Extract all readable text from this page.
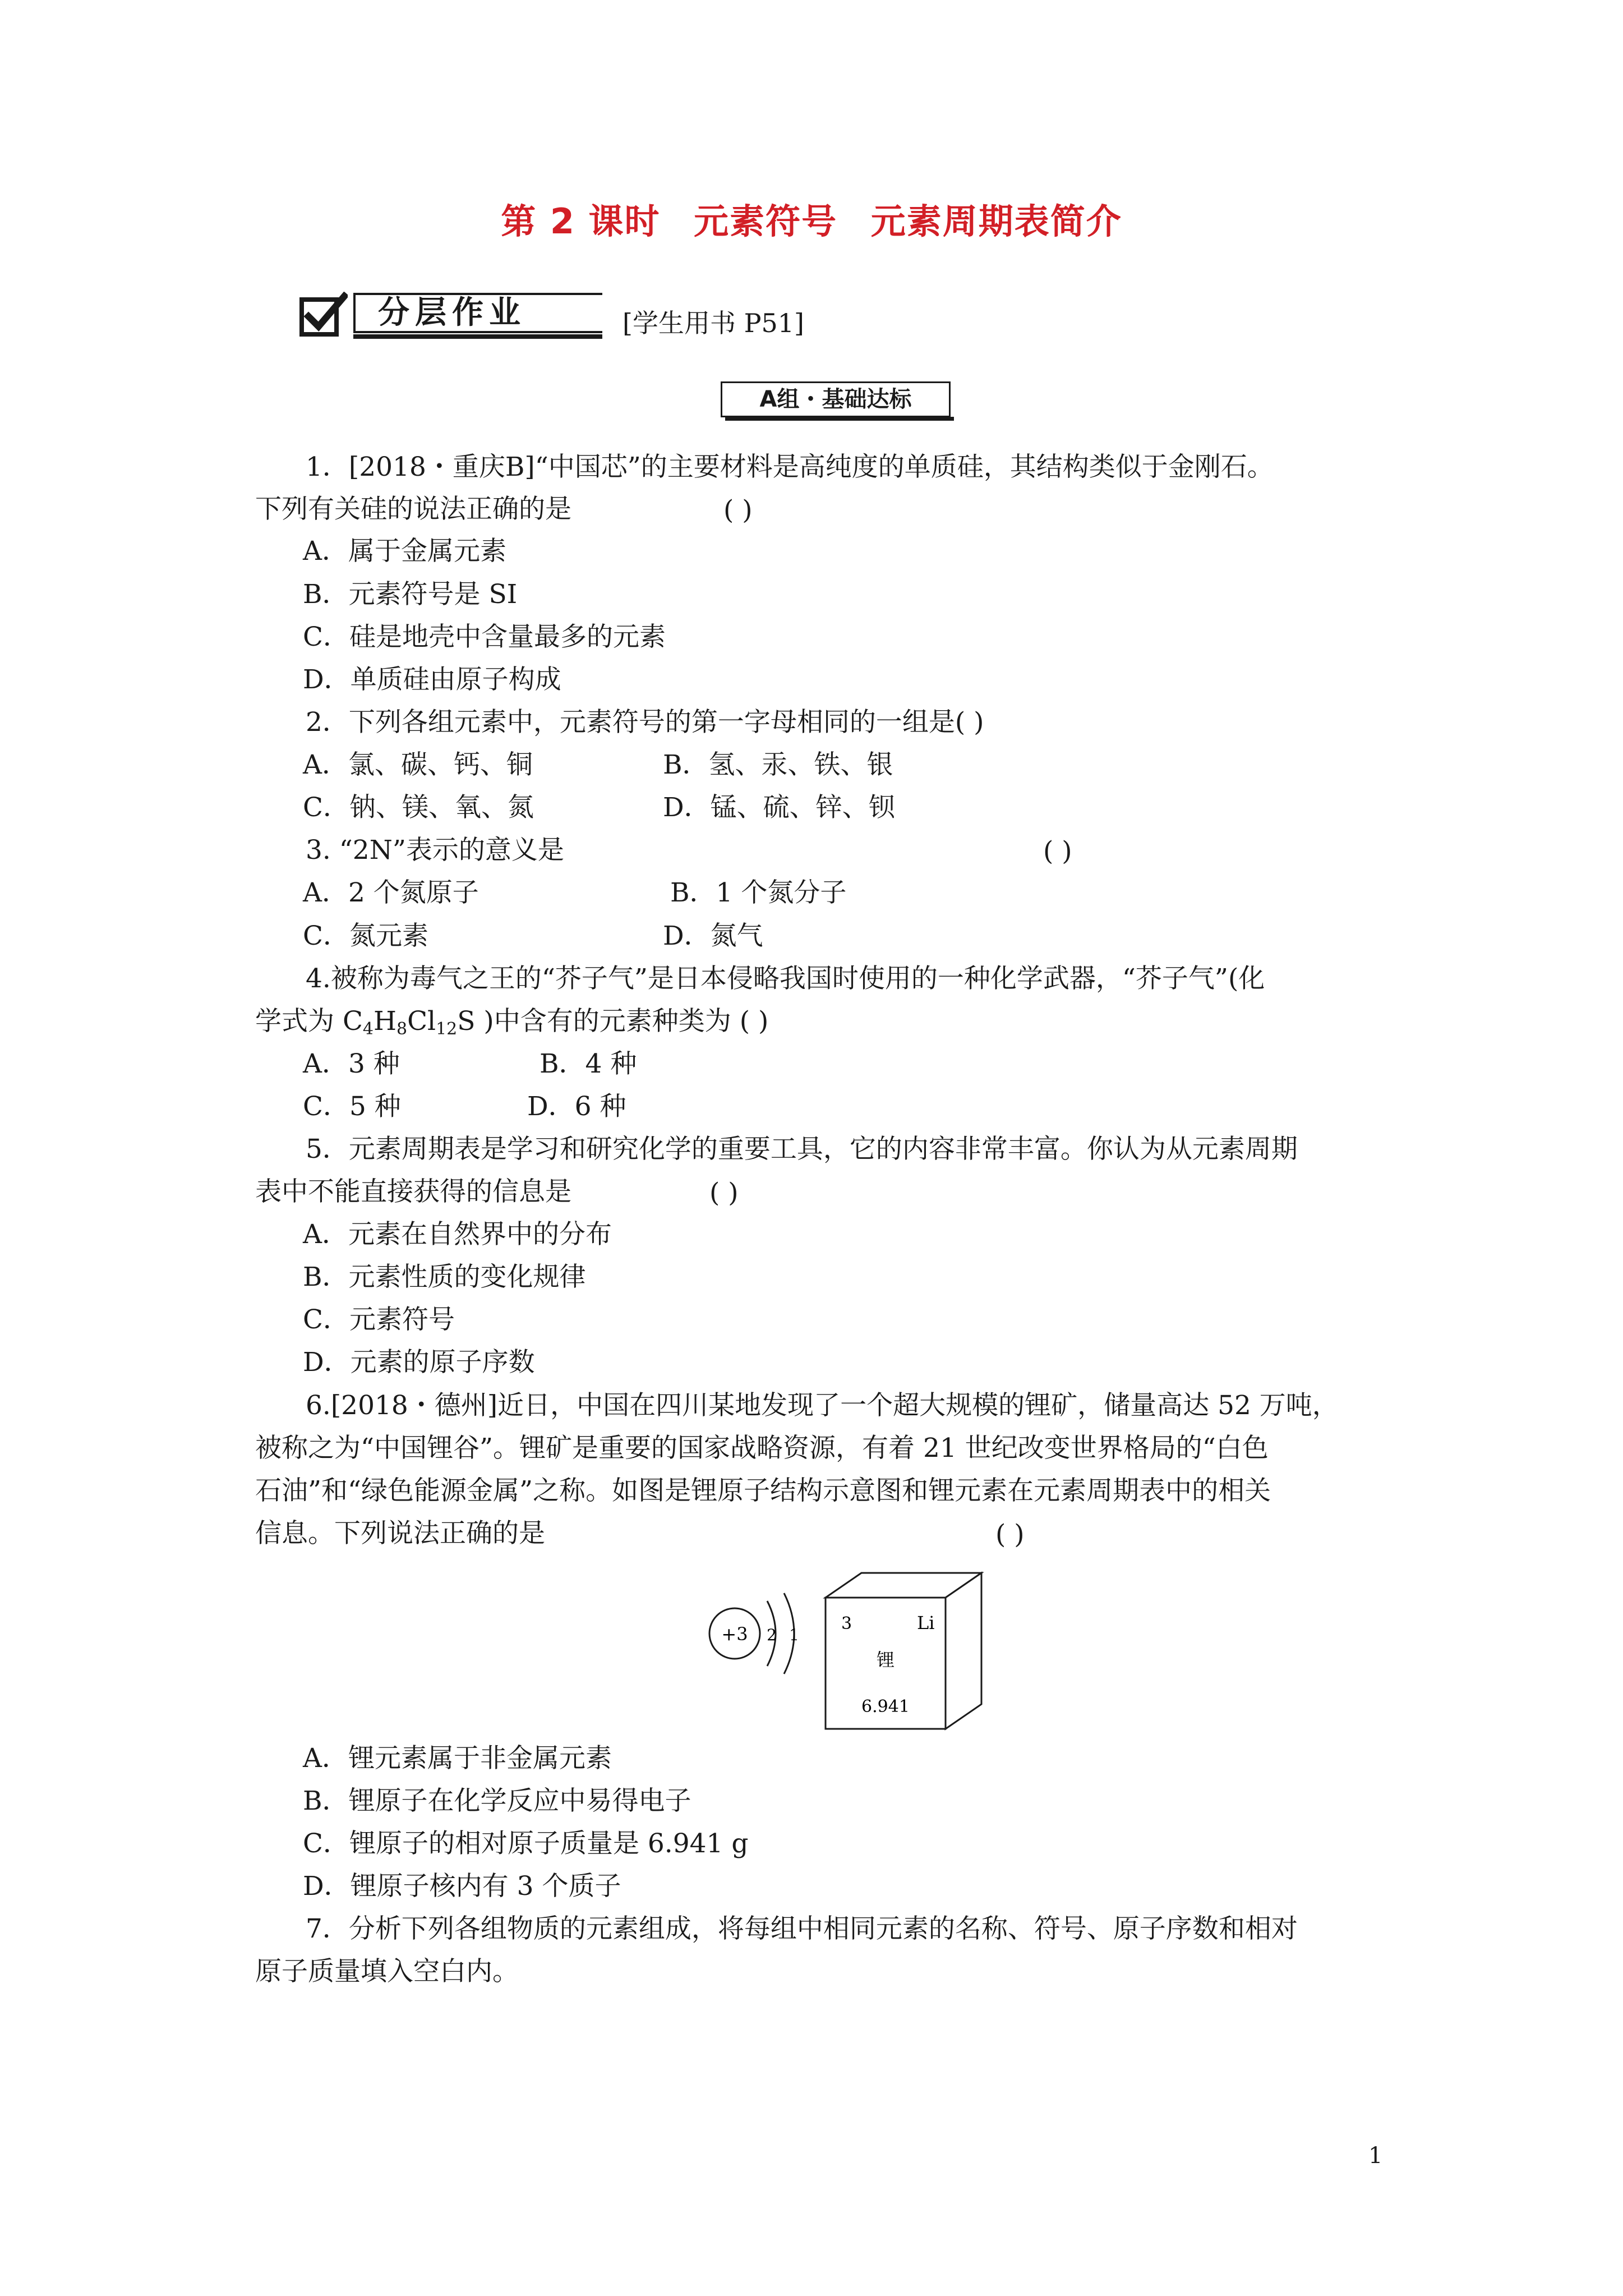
第 2 课时 元素符号 元素周期表简介
分层作业	[学生用书 P51]
A组・基础达标
1．[2018・重庆B]“中国芯”的主要材料是高纯度的单质硅，其结构类似于金刚石。
下列有关硅的说法正确的是	( )
A．属于金属元素
B．元素符号是 SI
C．硅是地壳中含量最多的元素
D．单质硅由原子构成
2．下列各组元素中，元素符号的第一字母相同的一组是( )
A．氯、碳、钙、铜	B．氢、汞、铁、银
C．钠、镁、氧、氮	D．锰、硫、锌、钡
3. “2N”表示的意义是	( )
A．2 个氮原子	B．1 个氮分子
C．氮元素	D．氮气
4.被称为毒气之王的“芥子气”是日本侵略我国时使用的一种化学武器，“芥子气”(化
学式为 $C_4H_8Cl_{12}S$ )中含有的元素种类为 ( )
A．3 种	B．4 种
C．5 种	D．6 种
5．元素周期表是学习和研究化学的重要工具，它的内容非常丰富。你认为从元素周期
表中不能直接获得的信息是	( )
A．元素在自然界中的分布
B．元素性质的变化规律
C．元素符号
D．元素的原子序数
6.[2018・德州]近日，中国在四川某地发现了一个超大规模的锂矿，储量高达 52 万吨，
被称之为“中国锂谷”。锂矿是重要的国家战略资源，有着 21 世纪改变世界格局的“白色
石油”和“绿色能源金属”之称。如图是锂原子结构示意图和锂元素在元素周期表中的相关
信息。下列说法正确的是	( )
+3 2 1
3	Li
锂
6.941
A．锂元素属于非金属元素
B．锂原子在化学反应中易得电子
C．锂原子的相对原子质量是 6.941 g
D．锂原子核内有 3 个质子
7．分析下列各组物质的元素组成，将每组中相同元素的名称、符号、原子序数和相对
原子质量填入空白内。
1
